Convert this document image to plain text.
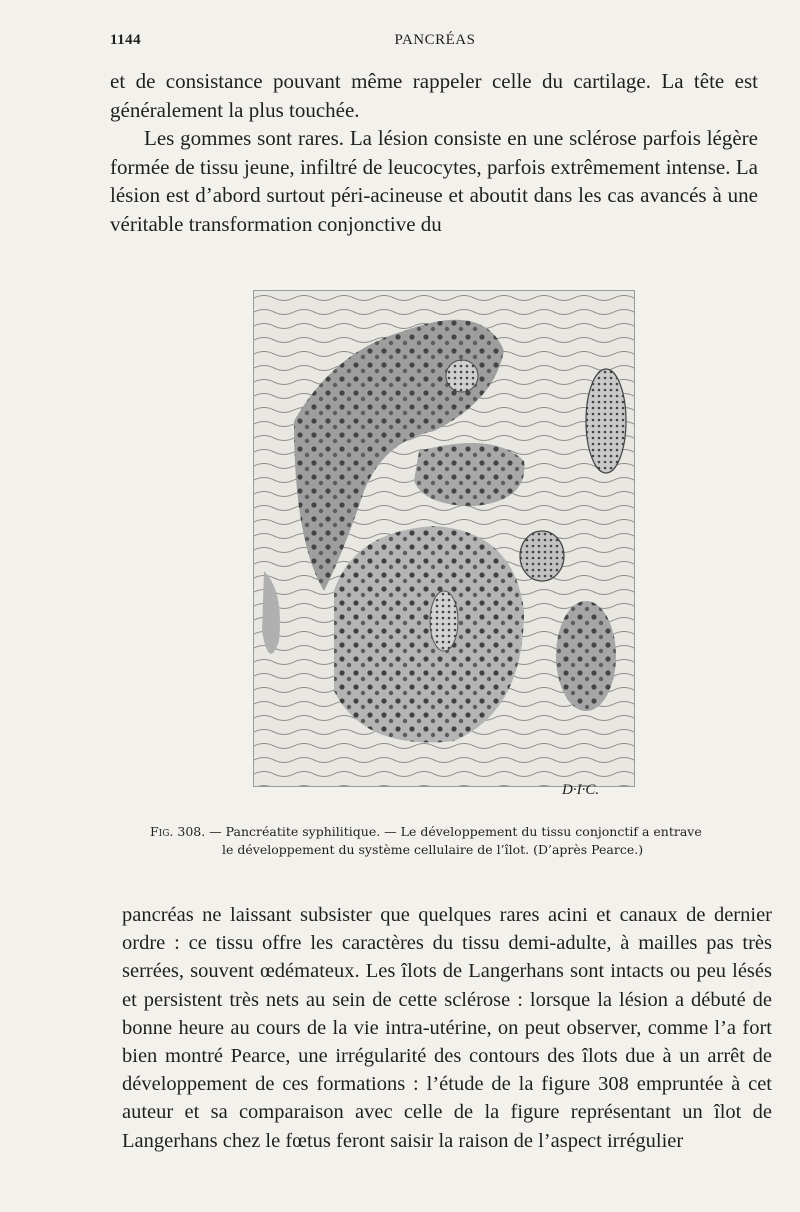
1144	PANCRÉAS

et de consistance pouvant même rappeler celle du cartilage. La tête est généralement la plus touchée.

Les gommes sont rares. La lésion consiste en une sclérose parfois légère formée de tissu jeune, infiltré de leucocytes, parfois extrêmement intense. La lésion est d’abord surtout péri-acineuse et aboutit dans les cas avancés à une véritable transformation conjonctive du

D·I·C.
Fig. 308. — Pancréatite syphilitique. — Le développement du tissu conjonctif a entrave
le développement du système cellulaire de l’îlot. (D’après Pearce.)

pancréas ne laissant subsister que quelques rares acini et canaux de dernier ordre : ce tissu offre les caractères du tissu demi-adulte, à mailles pas très serrées, souvent œdémateux. Les îlots de Langerhans sont intacts ou peu lésés et persistent très nets au sein de cette sclérose : lorsque la lésion a débuté de bonne heure au cours de la vie intra-utérine, on peut observer, comme l’a fort bien montré Pearce, une irrégularité des contours des îlots due à un arrêt de développement de ces formations : l’étude de la figure 308 empruntée à cet auteur et sa comparaison avec celle de la figure représentant un îlot de Langerhans chez le fœtus feront saisir la raison de l’aspect irrégulier
